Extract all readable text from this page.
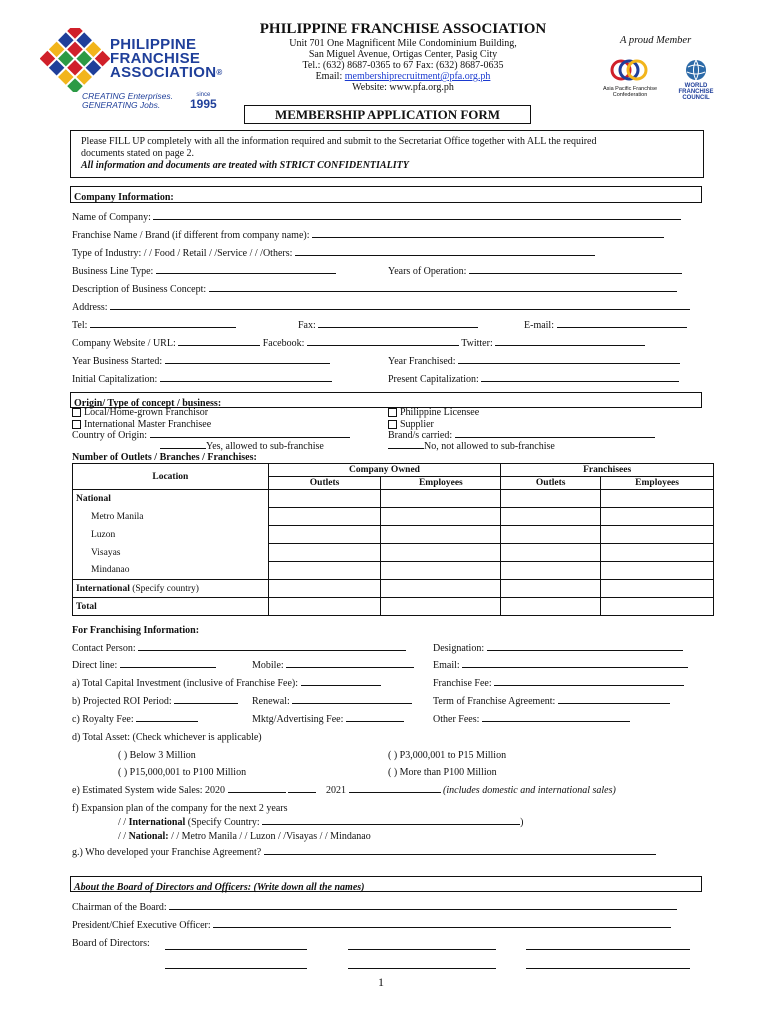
PHILIPPINE
FRANCHISE
ASSOCIATION®
CREATING Enterprises.
GENERATING Jobs.
since
1995
PHILIPPINE FRANCHISE ASSOCIATION
Unit 701 One Magnificent Mile Condominium Building,
San Miguel Avenue, Ortigas Center, Pasig City
Tel.: (632) 8687-0365 to 67 Fax: (632) 8687-0635
Email: membershiprecruitment@pfa.org.ph
Website: www.pfa.org.ph
A proud Member
Asia Pacific Franchise Confederation
WORLD
FRANCHISE
COUNCIL
MEMBERSHIP APPLICATION FORM
Please FILL UP completely with all the information required and submit to the Secretariat Office together with ALL the required
documents stated on page 2.
All information and documents are treated with STRICT CONFIDENTIALITY
Company Information:
Name of Company:
Franchise Name / Brand (if different from company name):
Type of Industry: / / Food / Retail / /Service / / /Others:
Business Line Type:	Years of Operation:
Description of Business Concept:
Address:
Tel:	Fax:	E-mail:
Company Website / URL:	Facebook:	Twitter:
Year Business Started:	Year Franchised:
Initial Capitalization:	Present Capitalization:
Origin/ Type of concept / business:
Local/Home-grown Franchisor	Philippine Licensee
International Master Franchisee	Supplier
Country of Origin:	Brand/s carried:
Yes, allowed to sub-franchise	No, not allowed to sub-franchise
Number of Outlets / Branches / Franchises:
Location	Company Owned		Franchisees	
	Outlets	Employees	Outlets	Employees
National				
Metro Manila				
Luzon				
Visayas				
Mindanao				
International (Specify country)				
Total				
For Franchising Information:
Contact Person:	Designation:
Direct line:	Mobile:	Email:
a) Total Capital Investment (inclusive of Franchise Fee):	Franchise Fee:
b) Projected ROI Period:	Renewal:	Term of Franchise Agreement:
c) Royalty Fee:	Mktg/Advertising Fee:	Other Fees:
d) Total Asset: (Check whichever is applicable)
( ) Below 3 Million	( ) P3,000,001 to P15 Million
( ) P15,000,001 to P100 Million	( ) More than P100 Million
e) Estimated System wide Sales: 2020	2021	(includes domestic and international sales)
f) Expansion plan of the company for the next 2 years
/ / International (Specify Country:	)
/ / National: / / Metro Manila / / Luzon / /Visayas / / Mindanao
g.) Who developed your Franchise Agreement?
About the Board of Directors and Officers: (Write down all the names)
Chairman of the Board:
President/Chief Executive Officer:
Board of Directors:
1
